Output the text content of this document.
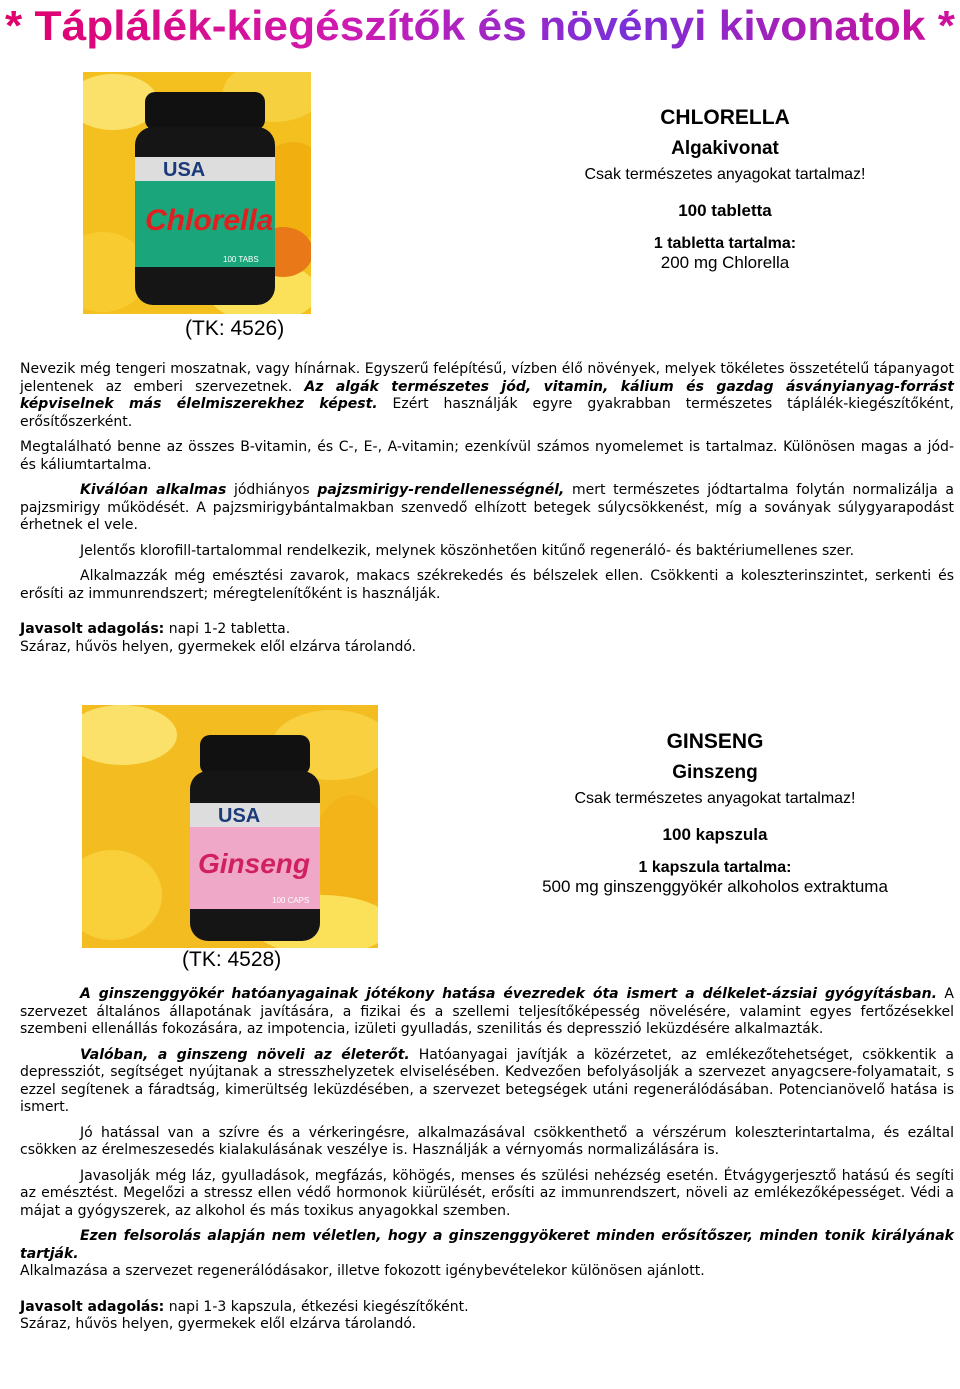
* Táplálék-kiegészítők és növényi kivonatok *
USA
Chlorella
100 TABS
CHLORELLA
Algakivonat
Csak természetes anyagokat tartalmaz!
100 tabletta
1 tabletta tartalma:
200 mg Chlorella
(TK: 4526)

Nevezik még tengeri moszatnak, vagy hínárnak. Egyszerű felépítésű, vízben élő növények, melyek tökéletes összetételű tápanyagot jelentenek az emberi szervezetnek. Az algák természetes jód, vitamin, kálium és gazdag ásványianyag-forrást képviselnek más élelmiszerekhez képest. Ezért használják egyre gyakrabban természetes táplálék-kiegészítőként, erősítőszerként.

Megtalálható benne az összes B-vitamin, és C-, E-, A-vitamin; ezenkívül számos nyomelemet is tartalmaz. Különösen magas a jód- és káliumtartalma.

Kiválóan alkalmas jódhiányos pajzsmirigy-rendellenességnél, mert természetes jódtartalma folytán normalizálja a pajzsmirigy működését. A pajzsmirigybántalmakban szenvedő elhízott betegek súlycsökkenést, míg a soványak súlygyarapodást érhetnek el vele.

Jelentős klorofill-tartalommal rendelkezik, melynek köszönhetően kitűnő regeneráló- és baktériumellenes szer.

Alkalmazzák még emésztési zavarok, makacs székrekedés és bélszelek ellen. Csökkenti a koleszterinszintet, serkenti és erősíti az immunrendszert; méregtelenítőként is használják.

Javasolt adagolás: napi 1-2 tabletta.
Száraz, hűvös helyen, gyermekek elől elzárva tárolandó.

USA
Ginseng
100 CAPS
GINSENG
Ginszeng
Csak természetes anyagokat tartalmaz!
100 kapszula
1 kapszula tartalma:
500 mg ginszenggyökér alkoholos extraktuma
(TK: 4528)

A ginszenggyökér hatóanyagainak jótékony hatása évezredek óta ismert a délkelet-ázsiai gyógyításban. A szervezet általános állapotának javítására, a fizikai és a szellemi teljesítőképesség növelésére, valamint egyes fertőzésekkel szembeni ellenállás fokozására, az impotencia, izületi gyulladás, szenilitás és depresszió leküzdésére alkalmazták.

Valóban, a ginszeng növeli az életerőt. Hatóanyagai javítják a közérzetet, az emlékezőtehetséget, csökkentik a depressziót, segítséget nyújtanak a stresszhelyzetek elviselésében. Kedvezően befolyásolják a szervezet anyagcsere-folyamatait, s ezzel segítenek a fáradtság, kimerültség leküzdésében, a szervezet betegségek utáni regenerálódásában. Potencianövelő hatása is ismert.

Jó hatással van a szívre és a vérkeringésre, alkalmazásával csökkenthető a vérszérum koleszterintartalma, és ezáltal csökken az érelmeszesedés kialakulásának veszélye is. Használják a vérnyomás normalizálására is.

Javasolják még láz, gyulladások, megfázás, köhögés, menses és szülési nehézség esetén. Étvágygerjesztő hatású és segíti az emésztést. Megelőzi a stressz ellen védő hormonok kiürülését, erősíti az immunrendszert, növeli az emlékezőképességet. Védi a májat a gyógyszerek, az alkohol és más toxikus anyagokkal szemben.

Ezen felsorolás alapján nem véletlen, hogy a ginszenggyökeret minden erősítőszer, minden tonik királyának tartják.
Alkalmazása a szervezet regenerálódásakor, illetve fokozott igénybevételekor különösen ajánlott.

Javasolt adagolás: napi 1-3 kapszula, étkezési kiegészítőként.
Száraz, hűvös helyen, gyermekek elől elzárva tárolandó.
